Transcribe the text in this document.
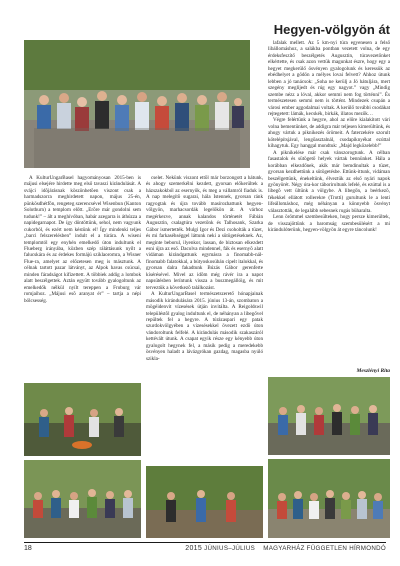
Hegyen-völgyön át

A KulturUngarBasel hagyományosan 2015-ben is májusi elsejére hirdette meg első tavaszi kirándulását. A svájci idõjárásnak köszönhetõen viszont csak a harmadszorra meghirdetett napon, május 25-én, pünkösdhétfõn, rengeteg szerencsével Wisenbun (Kanton Solothurn) a templom előtt. „Erõre már gondolni sem tudunk!” – ált a meghívóban, habár azegarra is áthúzza a napidegarnapot. De így döntöttünk, sehol, nem vagyunk cukorból, és ezért nem késtünk el! Így mindenki teljes „barci felszerelésben” indult el a túrára. A wiseni templomtól egy enyhén emelkedő úton indultunk el Flueberg irányába, közben szép ráláttásunk nyílt a falucskára és az érdekes formájú sziklaoromra, a Wisner Flue-ra, amelyet az előzetesen meg is másztunk. A célnak tartott pazar látványt, az Alpok havas csúcsai, minden fáradságot kifizettett. A többiek addig a lombok alatt beszélgettek. Aztán együtt tovább gyalogoltunk az emelkedők nélkül nyílt tereppen a Froburg vár romjaihoz. „Májusi esõ aranyat ér” – tartja a népi bölcsesség.

cselet. Nekünk viszont ettõl már borzongott a hátunk, és ahogy szemerkélni kezdett, gyorsan előkerültek a házszakokból az esernyők, és meg a vállamról fiaduk is. A nap melegítõ sugarai, hála Istennek, gyorsan ránk ragyogtak és újra tovább masírozhattunk hegyen-völgyön, marhacsordák legelőkön át. A várhoz megérkezve, annak kalandos történetét Fábián Augusztin, csalagtúra vezetőnk és Talhosank, Szarka Gábor ismertették. Mulgi Igor és Dezi csoholták a tüzet, és mi farkaséhséggel láttunk neki a sütögetéseknek. Az, meginte beborul, ilyenkor, lassan, de biztosan elkezdett esni újra az eső. Dacolva mindennel, fák és esernyõ alatt vidáman kirándgattunk egymásra a finomabb-nál-finomabb falatokkal, a bútyoskosúbán cipelt italokkal, és gyorsan dalra fakadtunk Búzás Gábor gerenferte kísérésével. Mivel az idõm még rávér ira a napot napsütésben leríntunk vissza a buszmegállóig, és mit terveztük a következõ találkozást.

A KulturUngarBasel természetszerető hónapjainak második kirándulására 2015. június 13-án, szombaton a mögéidenvit vízesések útján invitálta. A Reigoldswil településtõl gyalog indultunk el, de néhányan a libegővel repültek fel a hegyre. A túrázaspari egy patak szurdokvölgyében a vízesésekkel övezett ezdõ úton vándoroltunk felfelé. A kirándulás második szakaszáról kettévált útunk. A csapat egyik része egy kényebb úton gyalogolt hegynek fel, a másik pedig a meredekebb ösvényen haladt a lávázgrókan gazdag, magasba nyúló szikla-

lafalak mellett. Az 5 km-nyi túra egyenesen a felső libállomáshoz, a salákba pontban vezetett volna, de egy érdeksfeszítő beszélgetés Augusztin, túravezetőnket elkértette, és csak azon vettük magunkat észre, hogy egy a hegyet megkerülő ösvényen gyalogolunk és keressük az ebédhelyet a gödön a mélyes lovai felvett? Ahhoz útunk lebben a jó tanácsok: „Soha ne kerülj a Jó hátuljára, mert szegény meglijedt és rúg egy nagyot.” vagy „Mindig szembe nézz a lóval, akkor semmi nem fog történni”. És természetesen semmi nem is történt. Mindezek csupán a városi ember aggodalmai voltak. A kerülő további csodákat rejtegetett: lámák, kecskék, birkák, illatos mezők…

Végre felértünk a hegyre, ahol az előre kialakított vári volna bementünket, de addigra már teljesen kimerültünk, és ahogy vártuk a piknikezés örömeit. A faterzekére szorult kötelépítsjával, lengőasztalnál, csodapiknyékat ezúttal kihagytuk. Egy hanggal mondtuk: „Majd legközelebb!”

A piknikelése már csak vánszorogtunk. A célban fasastalok és sütögető helyek vártak bennünket. Hála a korábban elkezdőnek, akik már bemdinultak a tüzet, gyorsan kezdhettünk a sütögetésbe. Ettünk-ittunk, vidáman beszélgettünk, énekeltünk, élveztük az első nyári napok gyönyörét. Négy óra-kor táboriroltunk lefelé, és ezúttal is a libegõ vett ültünk a völgybe. A libegőn, a beérkezõ, fékekkel ellátott rollerekre (Trotti) gurultunk le a lenti lifeállomáshoz, még néhányan a könnyebb ösvényt választották, de legalább sebesnek rugás büharalta.

Lenn örömmel szembesülteken, hogy persze kimerültek, de visszajöttünk a baromság szembesülésért a mi kirándulóterünk, hegyen-völgyön át egyre táncolunk!

Meszlényi Rita
18	2015 JÚNIUS–JÚLIUS MAGYARHÁZ FÜGGETLEN HÍRMONDÓ
